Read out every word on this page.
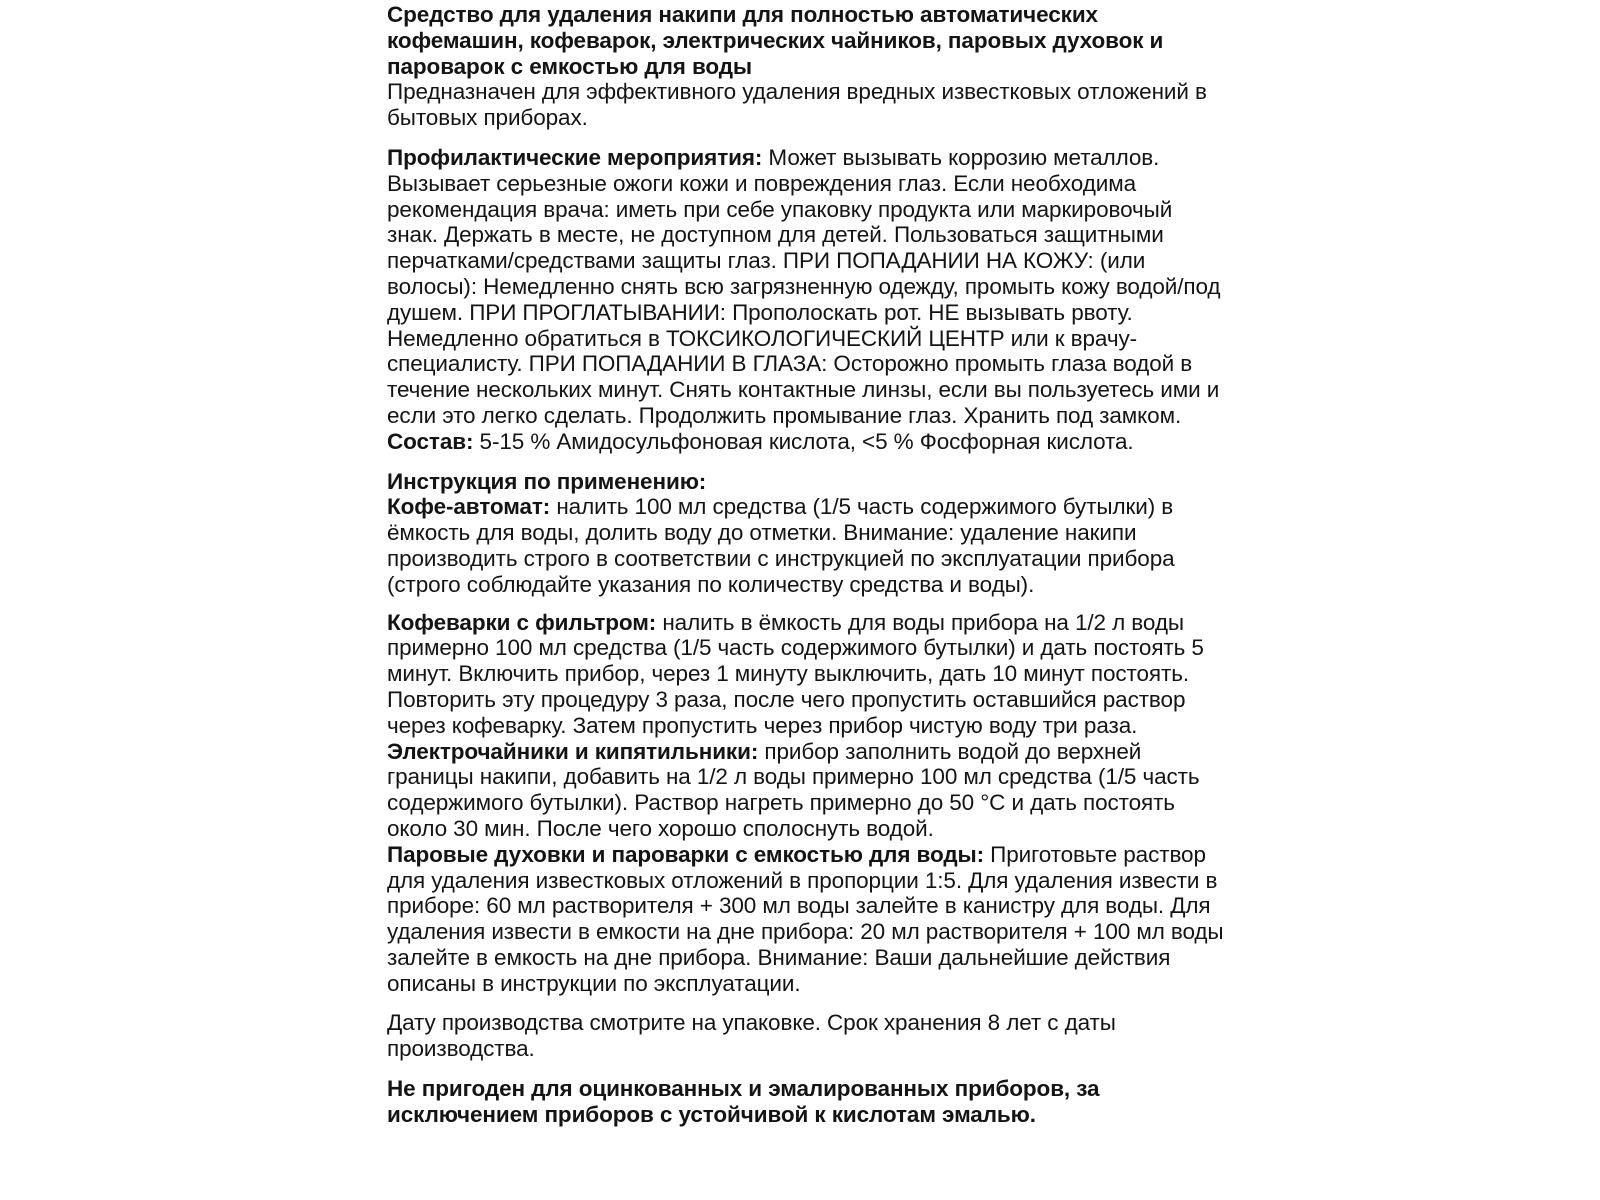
Средство для удаления накипи для полностью автоматических кофемашин, кофеварок, электрических чайников, паровых духовок и пароварок с емкостью для воды

Предназначен для эффективного удаления вредных известковых отложений в бытовых приборах.

Профилактические мероприятия: Может вызывать коррозию металлов. Вызывает серьезные ожоги кожи и повреждения глаз. Если необходима рекомендация врача: иметь при себе упаковку продукта или маркировочый знак. Держать в месте, не доступном для детей. Пользоваться защитными перчатками/средствами защиты глаз. ПРИ ПОПАДАНИИ НА КОЖУ: (или волосы): Немедленно снять всю загрязненную одежду, промыть кожу водой/под душем. ПРИ ПРОГЛАТЫВАНИИ: Прополоскать рот. НЕ вызывать рвоту. Немедленно обратиться в ТОКСИКОЛОГИЧЕСКИЙ ЦЕНТР или к врачу-специалисту. ПРИ ПОПАДАНИИ В ГЛАЗА: Осторожно промыть глаза водой в течение нескольких минут. Снять контактные линзы, если вы пользуетесь ими и если это легко сделать. Продолжить промывание глаз. Хранить под замком.

Состав: 5-15 % Амидосульфоновая кислота, <5 % Фосфорная кислота.

Инструкция по применению:

Кофе-автомат: налить 100 мл средства (1/5 часть содержимого бутылки) в ёмкость для воды, долить воду до отметки. Внимание: удаление накипи производить строго в соответствии с инструкцией по эксплуатации прибора (строго соблюдайте указания по количеству средства и воды).

Кофеварки с фильтром: налить в ёмкость для воды прибора на 1/2 л воды примерно 100 мл средства (1/5 часть содержимого бутылки) и дать постоять 5 минут. Включить прибор, через 1 минуту выключить, дать 10 минут постоять. Повторить эту процедуру 3 раза, после чего пропустить оставшийся раствор через кофеварку. Затем пропустить через прибор чистую воду три раза.

Электрочайники и кипятильники: прибор заполнить водой до верхней границы накипи, добавить на 1/2 л воды примерно 100 мл средства (1/5 часть содержимого бутылки). Раствор нагреть примерно до 50 °С и дать постоять около 30 мин. После чего хорошо сполоснуть водой.

Паровые духовки и пароварки с емкостью для воды: Приготовьте раствор для удаления известковых отложений в пропорции 1:5. Для удаления извести в приборе: 60 мл растворителя + 300 мл воды залейте в канистру для воды. Для удаления извести в емкости на дне прибора: 20 мл растворителя + 100 мл воды залейте в емкость на дне прибора. Внимание: Ваши дальнейшие действия описаны в инструкции по эксплуатации.

Дату производства смотрите на упаковке. Срок хранения 8 лет с даты производства.

Не пригоден для оцинкованных и эмалированных приборов, за исключением приборов с устойчивой к кислотам эмалью.
